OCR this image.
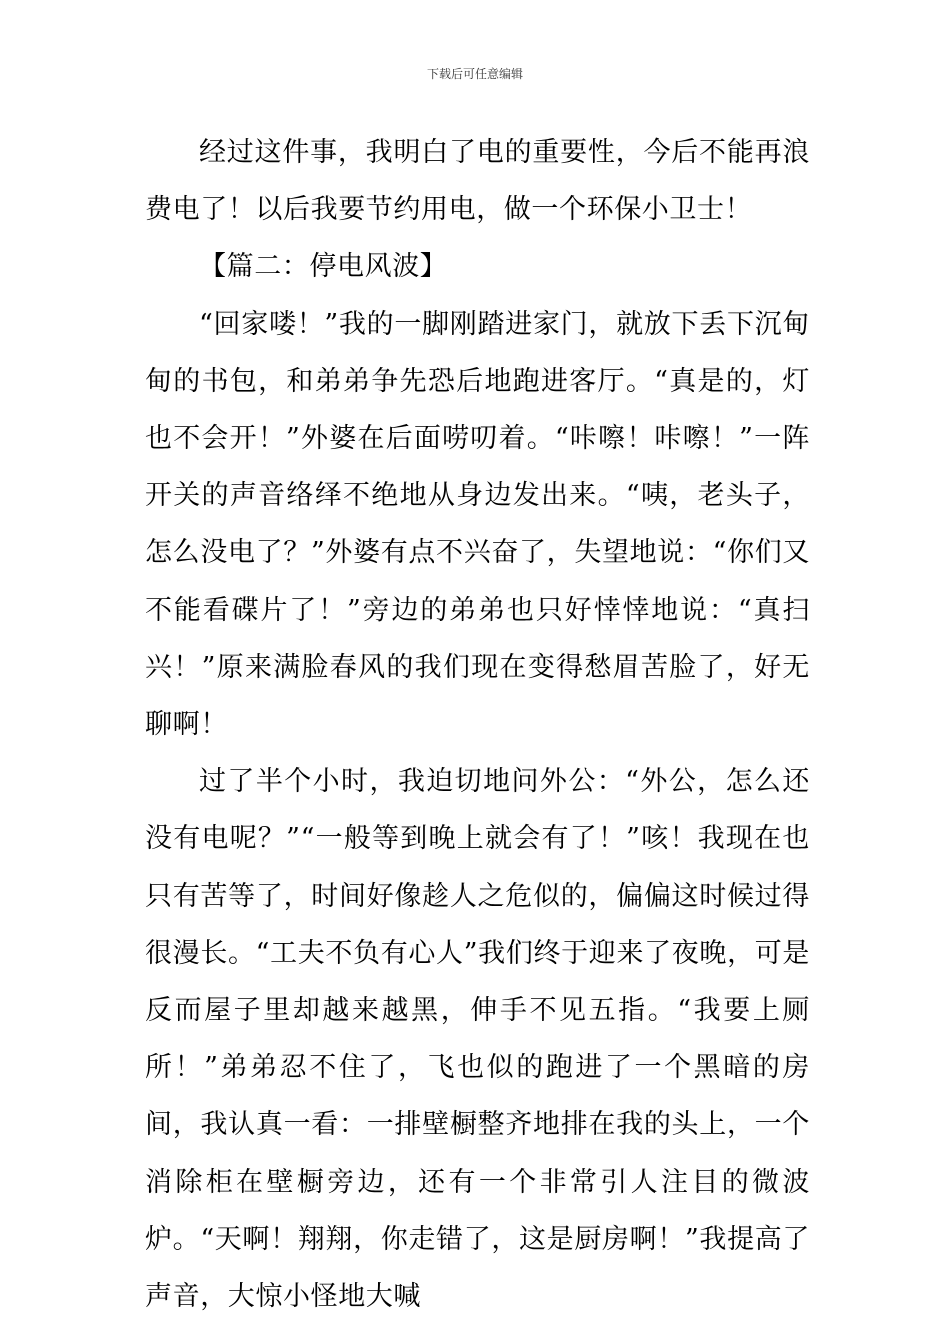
下载后可任意编辑

经过这件事，我明白了电的重要性，今后不能再浪费电了！以后我要节约用电，做一个环保小卫士！

【篇二：停电风波】

“回家喽！”我的一脚刚踏进家门，就放下丢下沉甸甸的书包，和弟弟争先恐后地跑进客厅。“真是的，灯也不会开！”外婆在后面唠叨着。“咔嚓！咔嚓！”一阵开关的声音络绎不绝地从身边发出来。“咦，老头子，怎么没电了？”外婆有点不兴奋了，失望地说：“你们又不能看碟片了！”旁边的弟弟也只好悻悻地说：“真扫兴！”原来满脸春风的我们现在变得愁眉苦脸了，好无聊啊！

过了半个小时，我迫切地问外公：“外公，怎么还没有电呢？”“一般等到晚上就会有了！”咳！我现在也只有苦等了，时间好像趁人之危似的，偏偏这时候过得很漫长。“工夫不负有心人”我们终于迎来了夜晚，可是反而屋子里却越来越黑，伸手不见五指。“我要上厕所！”弟弟忍不住了，飞也似的跑进了一个黑暗的房间，我认真一看：一排壁橱整齐地排在我的头上，一个消除柜在壁橱旁边，还有一个非常引人注目的微波炉。“天啊！翔翔，你走错了，这是厨房啊！”我提高了声音，大惊小怪地大喊
